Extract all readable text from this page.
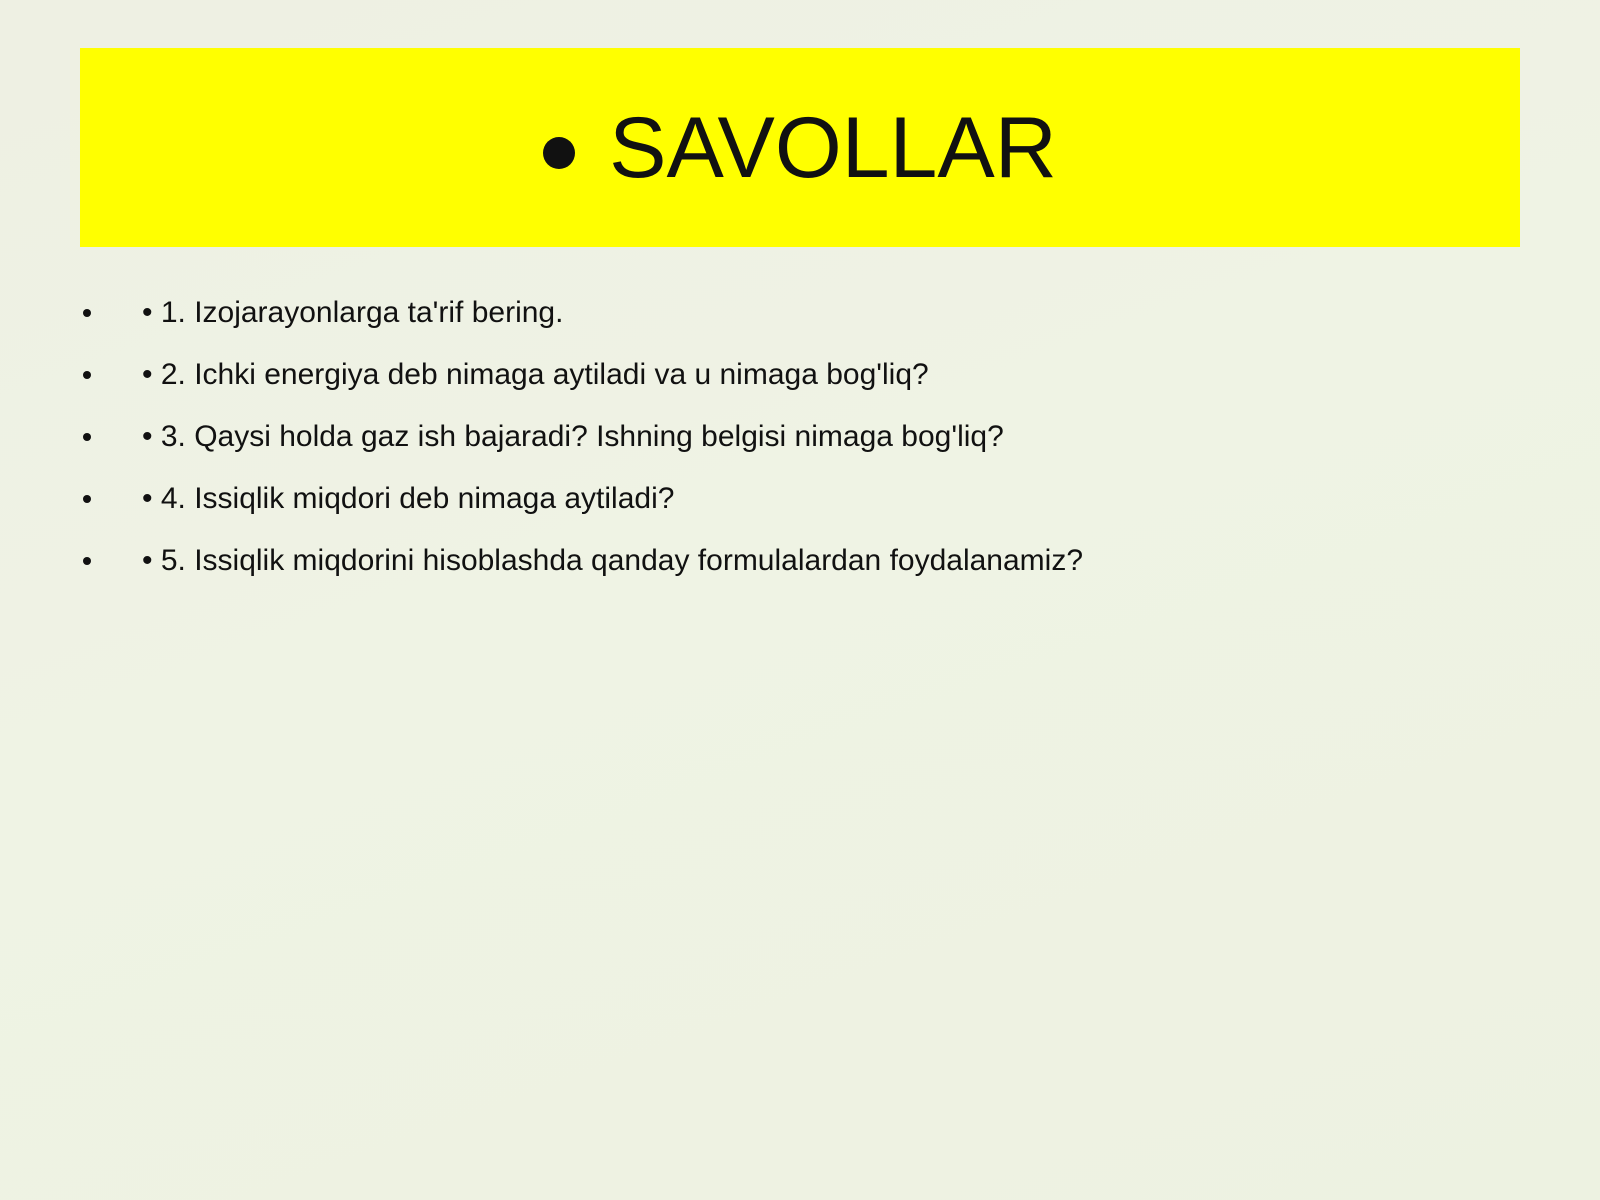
SAVOLLAR
• 1. Izojarayonlarga ta'rif bering.
• 2. Ichki energiya deb nimaga aytiladi va u nimaga bog'liq?
• 3. Qaysi holda gaz ish bajaradi? Ishning belgisi nimaga bog'liq?
• 4. Issiqlik miqdori deb nimaga aytiladi?
• 5. Issiqlik miqdorini hisoblashda qanday formulalardan foydalanamiz?
